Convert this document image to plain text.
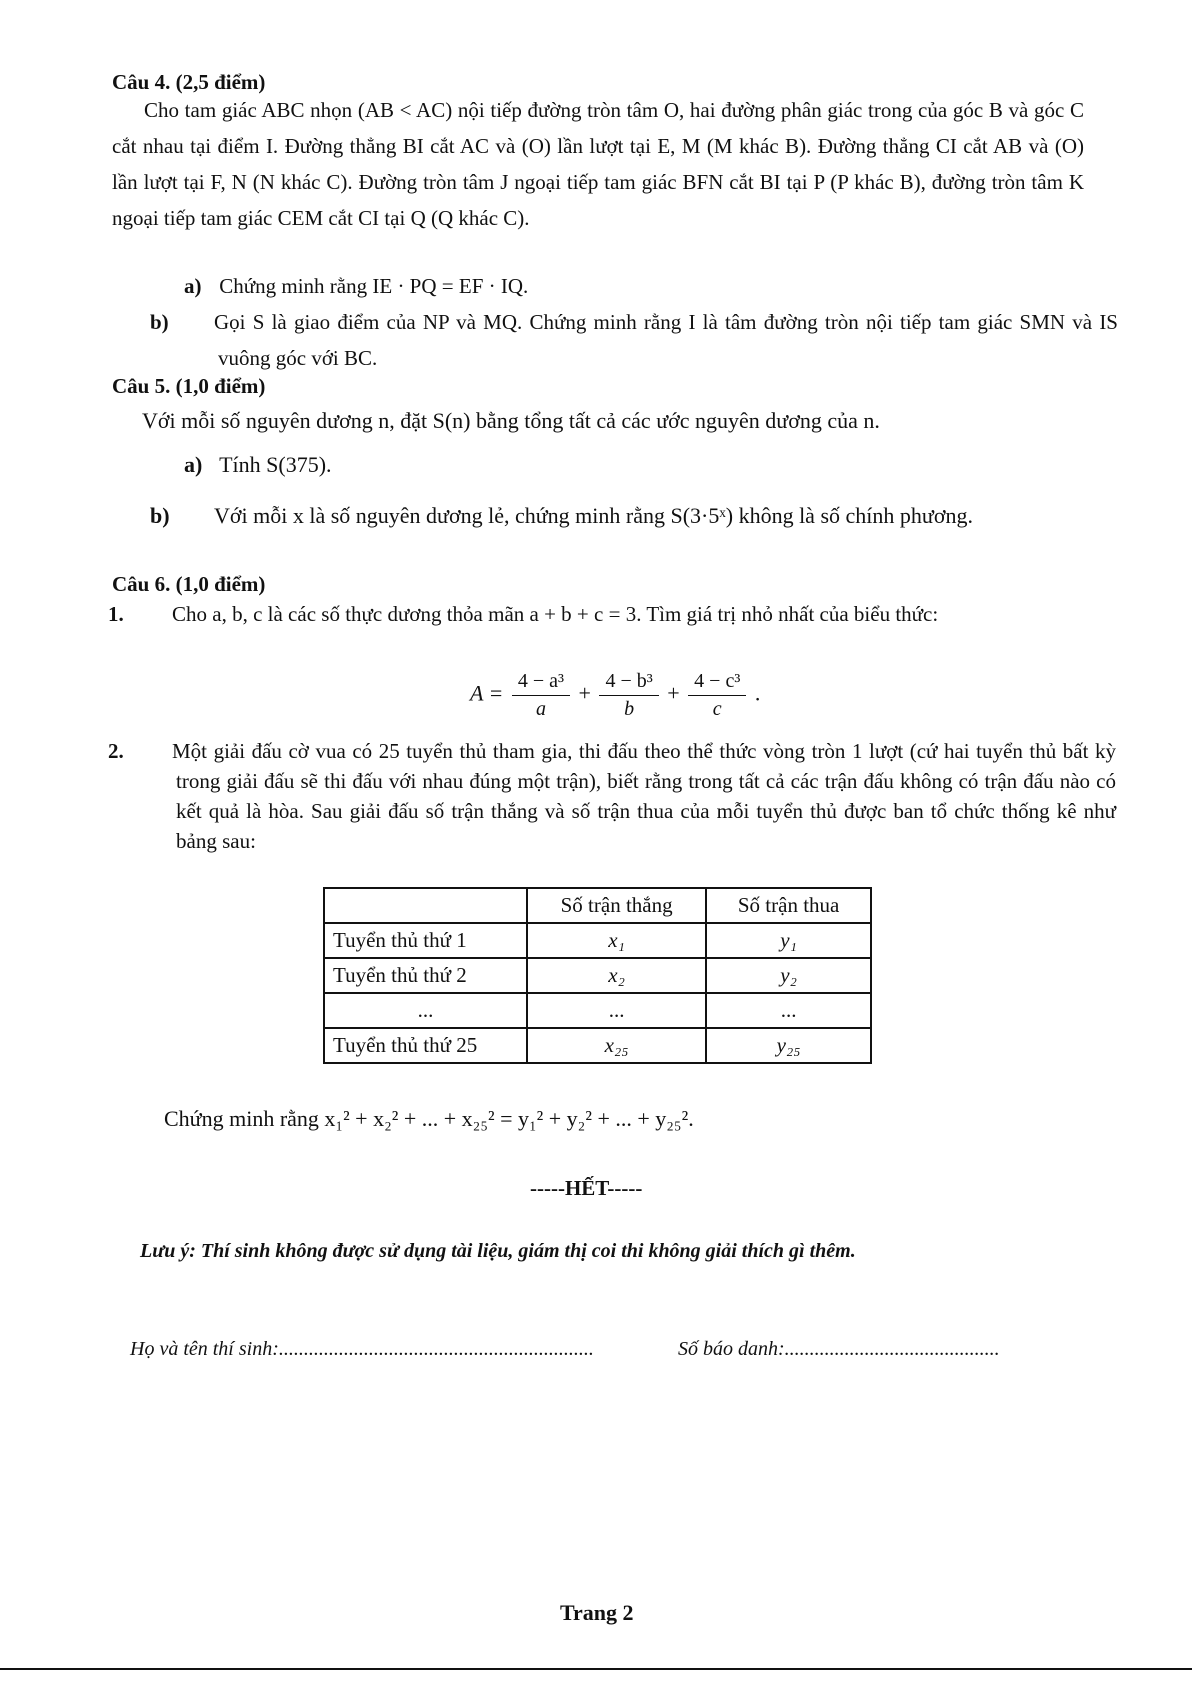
Câu 4. (2,5 điểm)
Cho tam giác ABC nhọn (AB < AC) nội tiếp đường tròn tâm O, hai đường phân giác trong của góc B và góc C cắt nhau tại điểm I. Đường thẳng BI cắt AC và (O) lần lượt tại E, M (M khác B). Đường thẳng CI cắt AB và (O) lần lượt tại F, N (N khác C). Đường tròn tâm J ngoại tiếp tam giác BFN cắt BI tại P (P khác B), đường tròn tâm K ngoại tiếp tam giác CEM cắt CI tại Q (Q khác C).
a) Chứng minh rằng IE · PQ = EF · IQ.
b) Gọi S là giao điểm của NP và MQ. Chứng minh rằng I là tâm đường tròn nội tiếp tam giác SMN và IS vuông góc với BC.
Câu 5. (1,0 điểm)
Với mỗi số nguyên dương n, đặt S(n) bằng tổng tất cả các ước nguyên dương của n.
a) Tính S(375).
b) Với mỗi x là số nguyên dương lẻ, chứng minh rằng S(3·5ˣ) không là số chính phương.
Câu 6. (1,0 điểm)
1. Cho a, b, c là các số thực dương thỏa mãn a + b + c = 3. Tìm giá trị nhỏ nhất của biểu thức:
$A = \frac{\text{4 − a³}}{a} + \frac{\text{4 − b³}}{b} + \frac{\text{4 − c³}}{c}$ .
2. Một giải đấu cờ vua có 25 tuyển thủ tham gia, thi đấu theo thể thức vòng tròn 1 lượt (cứ hai tuyển thủ bất kỳ trong giải đấu sẽ thi đấu với nhau đúng một trận), biết rằng trong tất cả các trận đấu không có trận đấu nào có kết quả là hòa. Sau giải đấu số trận thắng và số trận thua của mỗi tuyển thủ được ban tổ chức thống kê như bảng sau:
	Số trận thắng	Số trận thua
Tuyển thủ thứ 1	x₁	y₁
Tuyển thủ thứ 2	x₂	y₂
...	...	...
Tuyển thủ thứ 25	x₂₅	y₂₅
Chứng minh rằng x₁² + x₂² + ... + x₂₅² = y₁² + y₂² + ... + y₂₅².
-----HẾT-----
Lưu ý: Thí sinh không được sử dụng tài liệu, giám thị coi thi không giải thích gì thêm.
Họ và tên thí sinh:...............................................................	Số báo danh:...........................................
Trang 2
